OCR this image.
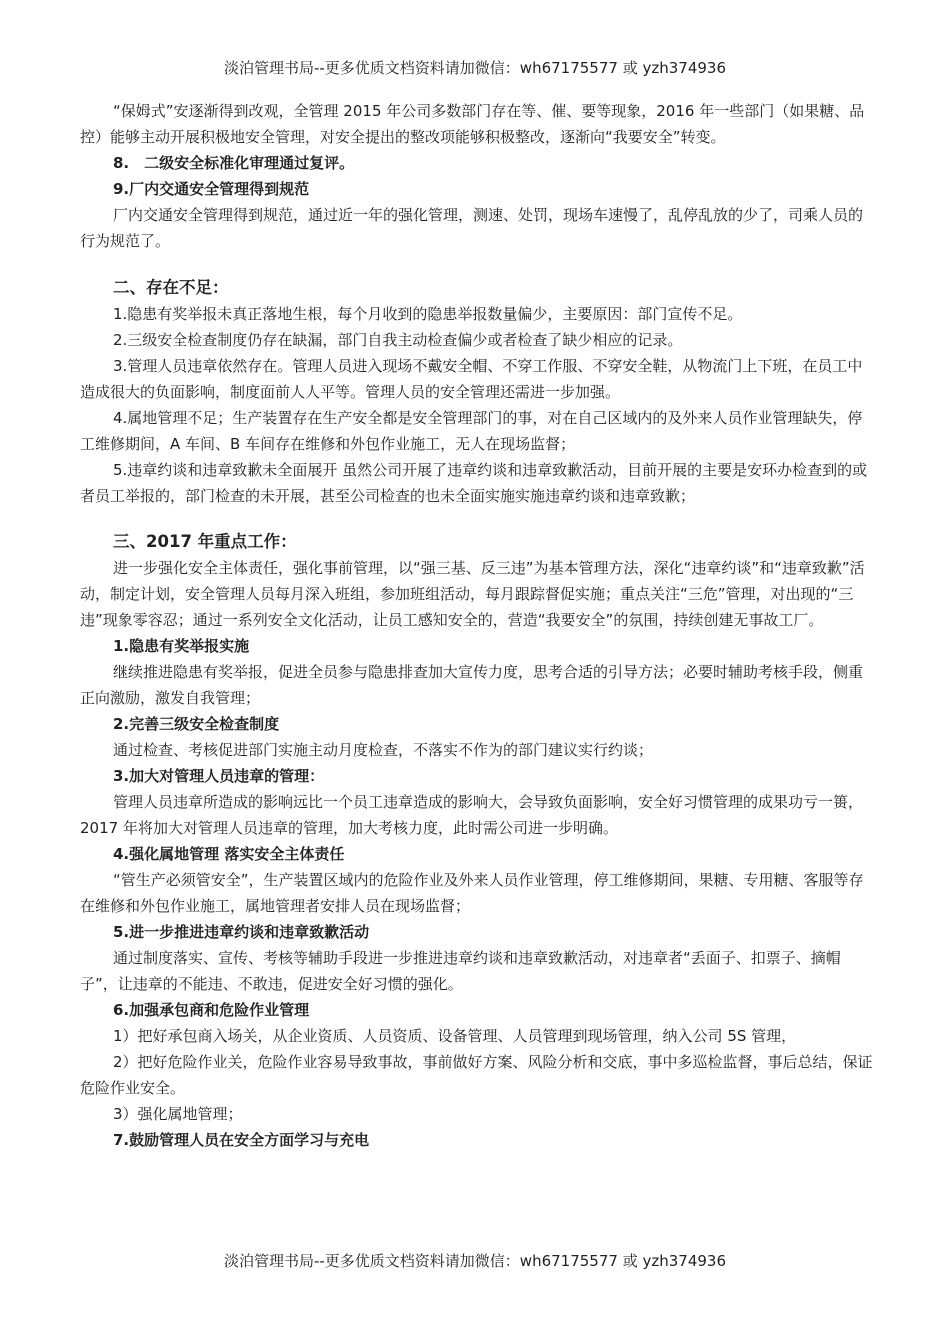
淡泊管理书局--更多优质文档资料请加微信：wh67175577 或 yzh374936

“保姆式”安逐渐得到改观，全管理 2015 年公司多数部门存在等、催、要等现象，2016 年一些部门（如果糖、品控）能够主动开展积极地安全管理，对安全提出的整改项能够积极整改，逐渐向“我要安全”转变。

8.　二级安全标准化审理通过复评。

9.厂内交通安全管理得到规范

厂内交通安全管理得到规范，通过近一年的强化管理，测速、处罚，现场车速慢了，乱停乱放的少了，司乘人员的行为规范了。

二、存在不足：

1.隐患有奖举报未真正落地生根，每个月收到的隐患举报数量偏少，主要原因：部门宣传不足。

2.三级安全检查制度仍存在缺漏，部门自我主动检查偏少或者检查了缺少相应的记录。

3.管理人员违章依然存在。管理人员进入现场不戴安全帽、不穿工作服、不穿安全鞋，从物流门上下班，在员工中造成很大的负面影响，制度面前人人平等。管理人员的安全管理还需进一步加强。

4.属地管理不足；生产装置存在生产安全都是安全管理部门的事，对在自己区域内的及外来人员作业管理缺失，停工维修期间，A 车间、B 车间存在维修和外包作业施工，无人在现场监督；

5.违章约谈和违章致歉未全面展开 虽然公司开展了违章约谈和违章致歉活动，目前开展的主要是安环办检查到的或者员工举报的，部门检查的未开展，甚至公司检查的也未全面实施实施违章约谈和违章致歉；

三、2017 年重点工作：

进一步强化安全主体责任，强化事前管理，以“强三基、反三违”为基本管理方法，深化“违章约谈”和“违章致歉”活动，制定计划，安全管理人员每月深入班组，参加班组活动，每月跟踪督促实施；重点关注“三危”管理，对出现的“三违”现象零容忍；通过一系列安全文化活动，让员工感知安全的，营造“我要安全”的氛围，持续创建无事故工厂。

1.隐患有奖举报实施

继续推进隐患有奖举报，促进全员参与隐患排查加大宣传力度，思考合适的引导方法；必要时辅助考核手段，侧重正向激励，激发自我管理；

2.完善三级安全检查制度

通过检查、考核促进部门实施主动月度检查，不落实不作为的部门建议实行约谈；

3.加大对管理人员违章的管理：

管理人员违章所造成的影响远比一个员工违章造成的影响大，会导致负面影响，安全好习惯管理的成果功亏一篑，2017 年将加大对管理人员违章的管理，加大考核力度，此时需公司进一步明确。

4.强化属地管理 落实安全主体责任

“管生产必须管安全”，生产装置区域内的危险作业及外来人员作业管理，停工维修期间，果糖、专用糖、客服等存在维修和外包作业施工，属地管理者安排人员在现场监督；

5.进一步推进违章约谈和违章致歉活动

通过制度落实、宣传、考核等辅助手段进一步推进违章约谈和违章致歉活动，对违章者“丢面子、扣票子、摘帽子”，让违章的不能违、不敢违，促进安全好习惯的强化。

6.加强承包商和危险作业管理

1）把好承包商入场关，从企业资质、人员资质、设备管理、人员管理到现场管理，纳入公司 5S 管理，

2）把好危险作业关，危险作业容易导致事故，事前做好方案、风险分析和交底，事中多巡检监督，事后总结，保证危险作业安全。

3）强化属地管理；

7.鼓励管理人员在安全方面学习与充电

淡泊管理书局--更多优质文档资料请加微信：wh67175577 或 yzh374936
